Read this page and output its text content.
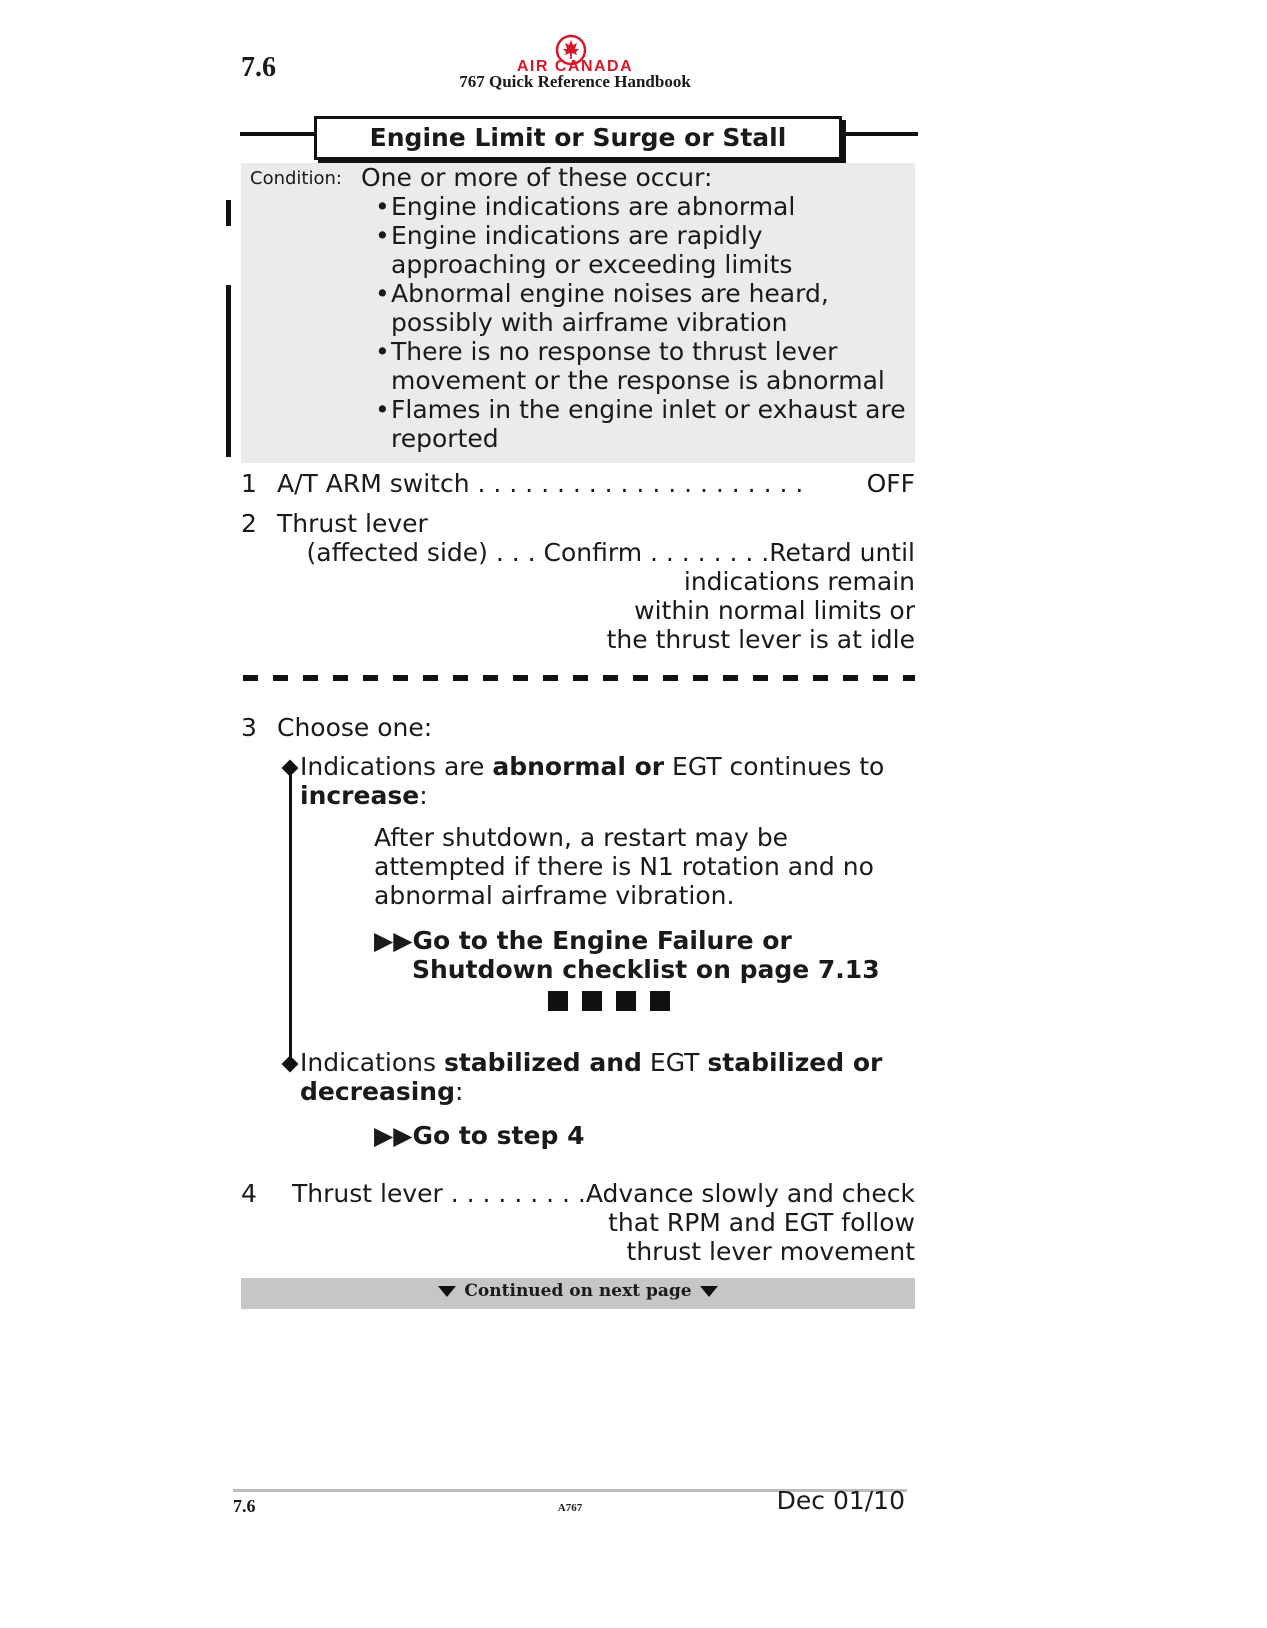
7.6	AIR CANADA
767 Quick Reference Handbook
Engine Limit or Surge or Stall
Condition: One or more of these occur:
• Engine indications are abnormal
• Engine indications are rapidly approaching or exceeding limits
• Abnormal engine noises are heard, possibly with airframe vibration
• There is no response to thrust lever movement or the response is abnormal
• Flames in the engine inlet or exhaust are reported
1 A/T ARM switch . . . . . . . . . . . . . . . . . . . . .	OFF
2 Thrust lever
(affected side) . . . Confirm . . . . . . . .Retard until
indications remain
within normal limits or
the thrust lever is at idle
3 Choose one:
Indications are abnormal or EGT continues to
increase:
After shutdown, a restart may be
attempted if there is N1 rotation and no
abnormal airframe vibration.
▶▶Go to the Engine Failure or
Shutdown checklist on page 7.13
Indications stabilized and EGT stabilized or
decreasing:
▶▶Go to step 4
4	Thrust lever . . . . . . . . .Advance slowly and check
that RPM and EGT follow
thrust lever movement
Continued on next page
7.6	A767	Dec 01/10
